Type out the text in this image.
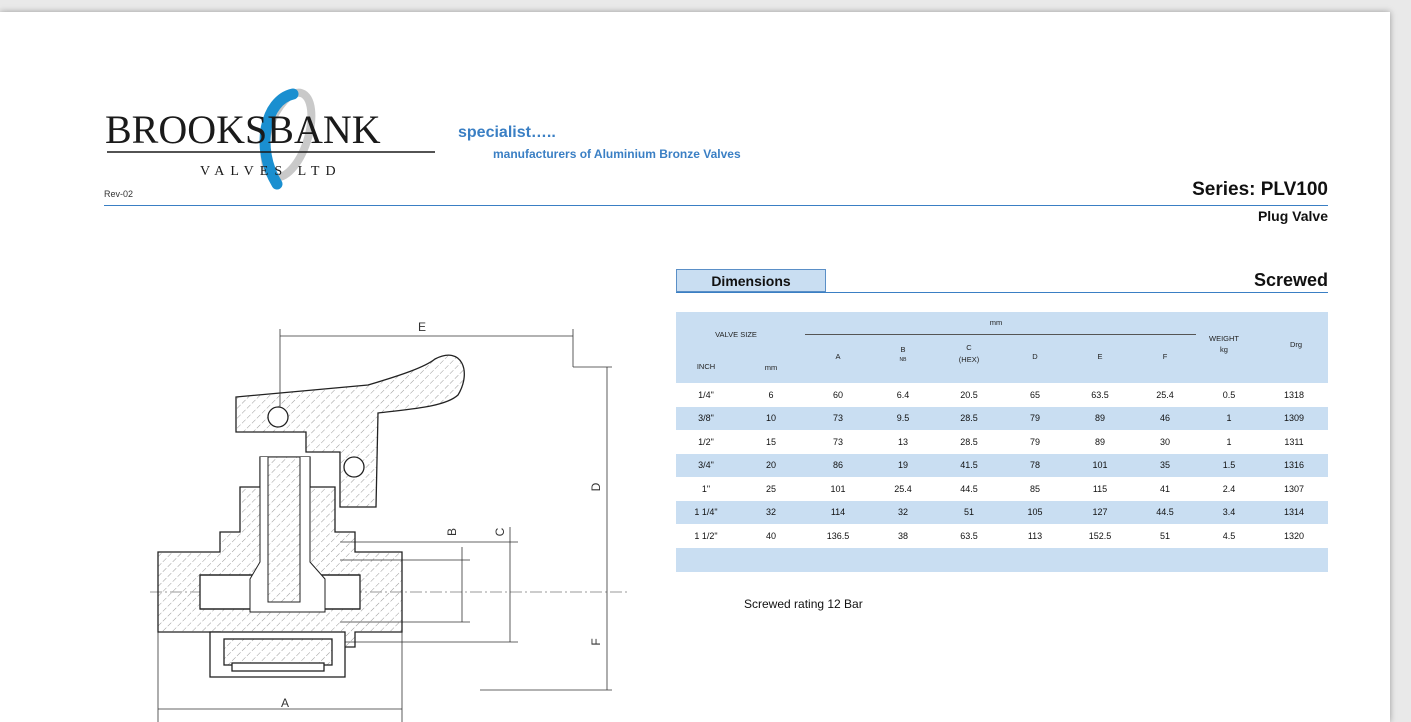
BROOKSBANK
VALVES LTD
specialist…..
manufacturers of Aluminium Bronze Valves
Rev-02	Series: PLV100
Plug Valve
Dimensions	Screwed
VALVE SIZE
mm
WEIGHT
kg
Drg
INCH	mm
A
B
NB
C
(HEX)	D	E	F
1/4"	6	60	6.4	20.5	65	63.5	25.4	0.5	1318
3/8"	10	73	9.5	28.5	79	89	46	1	1309
1/2"	15	73	13	28.5	79	89	30	1	1311
3/4"	20	86	19	41.5	78	101	35	1.5	1316
1"	25	101	25.4	44.5	85	115	41	2.4	1307
1 1/4"	32	114	32	51	105	127	44.5	3.4	1314
1 1/2"	40	136.5	38	63.5	113	152.5	51	4.5	1320
Screwed rating 12 Bar
E
D
F
B	C
A
